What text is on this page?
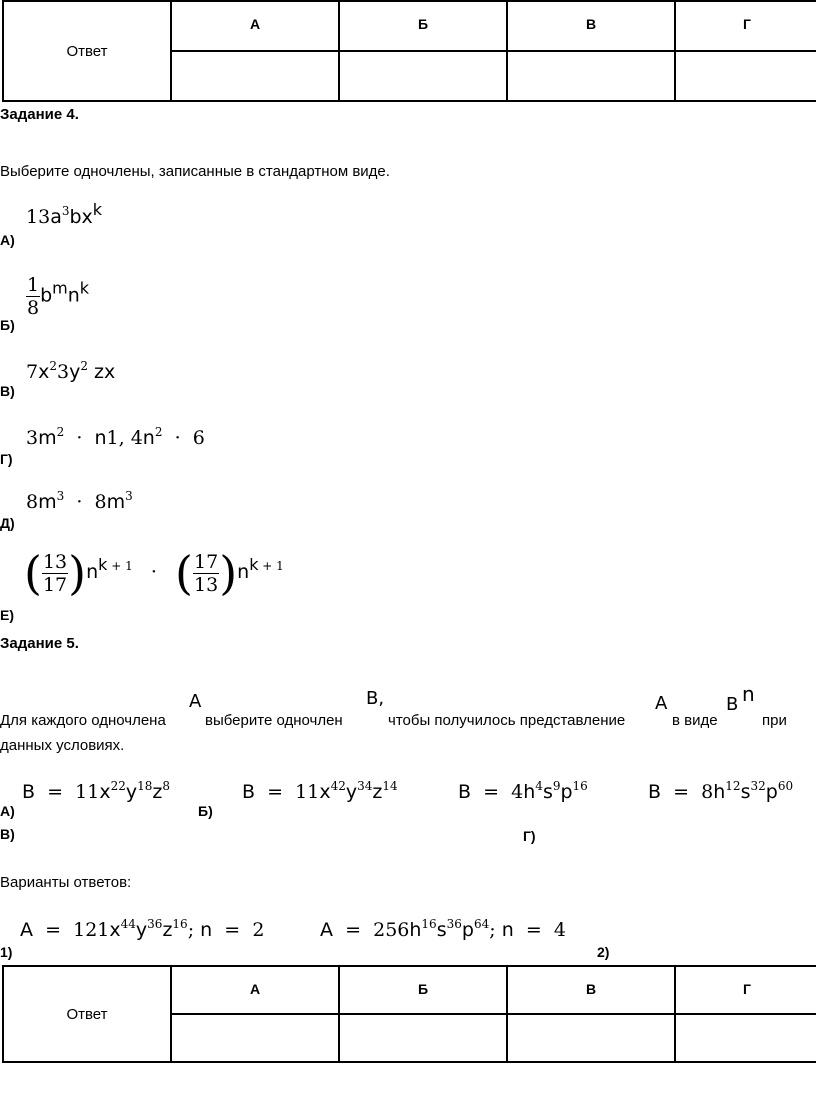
Ответ	А	Б	В	Г

Задание 4.
Выберите одночлены, записанные в стандартном виде.
А)
$13a^3bx^k$
Б)
$\frac{1}{8} b^mn^k$
В)
$7x^23y^2$ zx
Г)
$3m^2 \cdot n1$, $4n^2 \cdot 6$
Д)
$8m^3 \cdot 8m^3$
Е)
( $\frac{13}{17} )n^{k + 1}$ · ( $\frac{17}{13} )n^{k + 1}$
Задание 5.
Для каждого одночлена
A
выберите одночлен
B,
чтобы получилось представление
A
в виде
B n
при
данных условиях.
А)
$B = 11x^{22}y^{18}z^8$
Б)
$B = 11x^{42}y^{34}z^{14}$
В)
$B = 4h^4s^9p^{16}$
Г)
$B = 8h^{12}s^{32}p^{60}$
Варианты ответов:
1)
$A = 121x^{44}y^{36}z^{16}$; n = 2
2)
$A = 256h^{16}s^{36}p^{64}$; n = 4
Ответ	А	Б	В	Г
